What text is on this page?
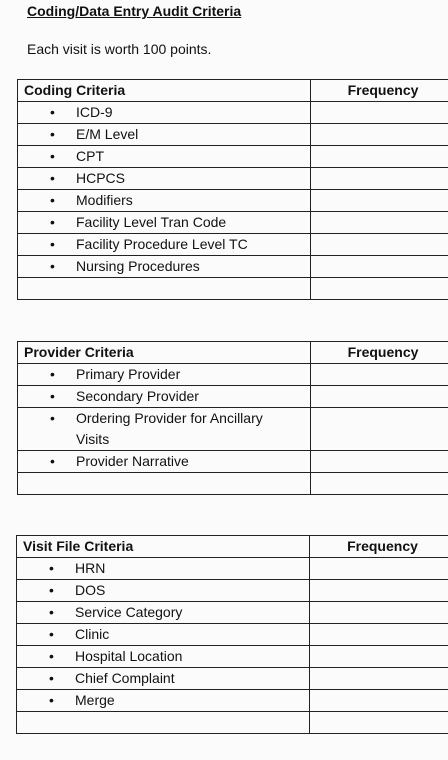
Coding/Data Entry Audit Criteria
Each visit is worth 100 points.
Coding Criteria	Frequency
• ICD-9	
• E/M Level	
• CPT	
• HCPCS	
• Modifiers	
• Facility Level Tran Code	
• Facility Procedure Level TC	
• Nursing Procedures	

Provider Criteria	Frequency
• Primary Provider	
• Secondary Provider	
• Ordering Provider for Ancillary Visits	
• Provider Narrative	

Visit File Criteria	Frequency
• HRN	
• DOS	
• Service Category	
• Clinic	
• Hospital Location	
• Chief Complaint	
• Merge	
